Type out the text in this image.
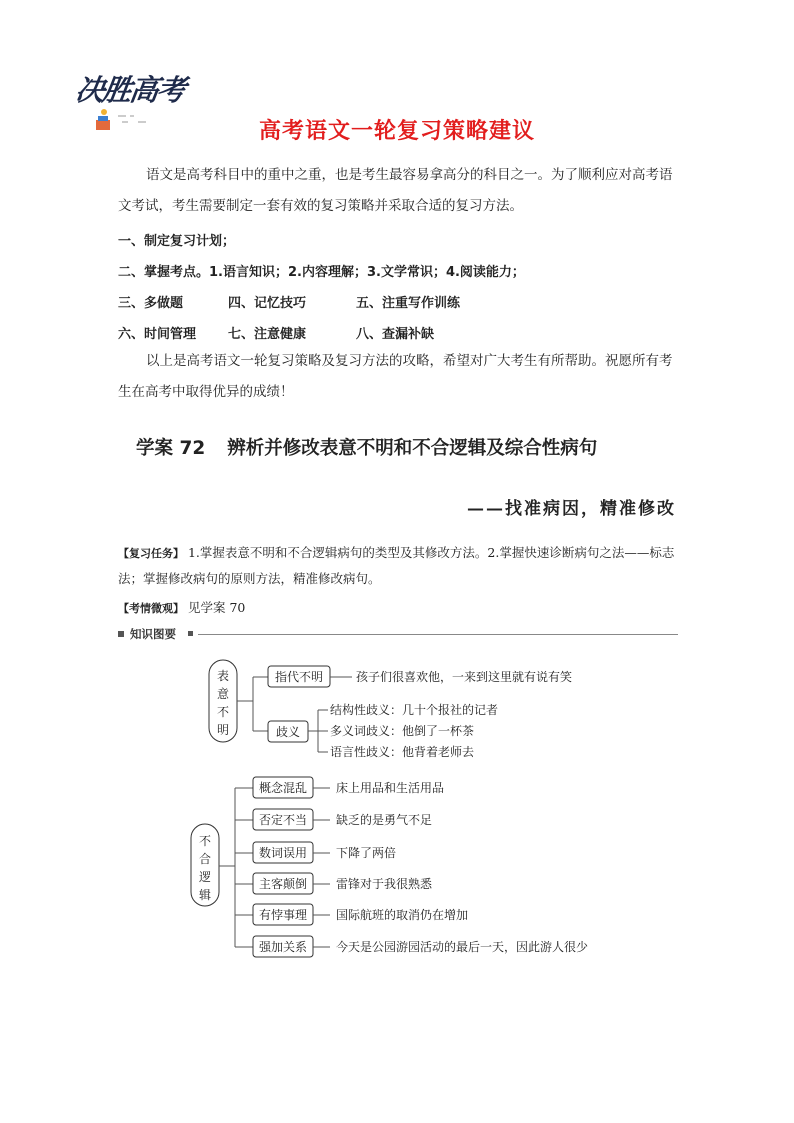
决胜高考
高考语文一轮复习策略建议
语文是高考科目中的重中之重，也是考生最容易拿高分的科目之一。为了顺利应对高考语文考试，考生需要制定一套有效的复习策略并采取合适的复习方法。
一、制定复习计划；
二、掌握考点。1.语言知识；2.内容理解；3.文学常识；4.阅读能力；
三、多做题	四、记忆技巧	五、注重写作训练
六、时间管理 七、注意健康	八、查漏补缺
以上是高考语文一轮复习策略及复习方法的攻略，希望对广大考生有所帮助。祝愿所有考生在高考中取得优异的成绩！
学案 72 辨析并修改表意不明和不合逻辑及综合性病句
——找准病因，精准修改
【复习任务】 1.掌握表意不明和不合逻辑病句的类型及其修改方法。2.掌握快速诊断病句之法——标志法；掌握修改病句的原则方法，精准修改病句。
【考情微观】 见学案 70
知识图要
表
意
不
明
指代不明	孩子们很喜欢他，一来到这里就有说有笑
歧义
结构性歧义：几十个报社的记者
多义词歧义：他倒了一杯茶
语言性歧义：他背着老师去
不
合
逻
辑
概念混乱 床上用品和生活用品
否定不当 缺乏的是勇气不足
数词误用 下降了两倍
主客颠倒 雷锋对于我很熟悉
有悖事理 国际航班的取消仍在增加
强加关系 今天是公园游园活动的最后一天，因此游人很少
